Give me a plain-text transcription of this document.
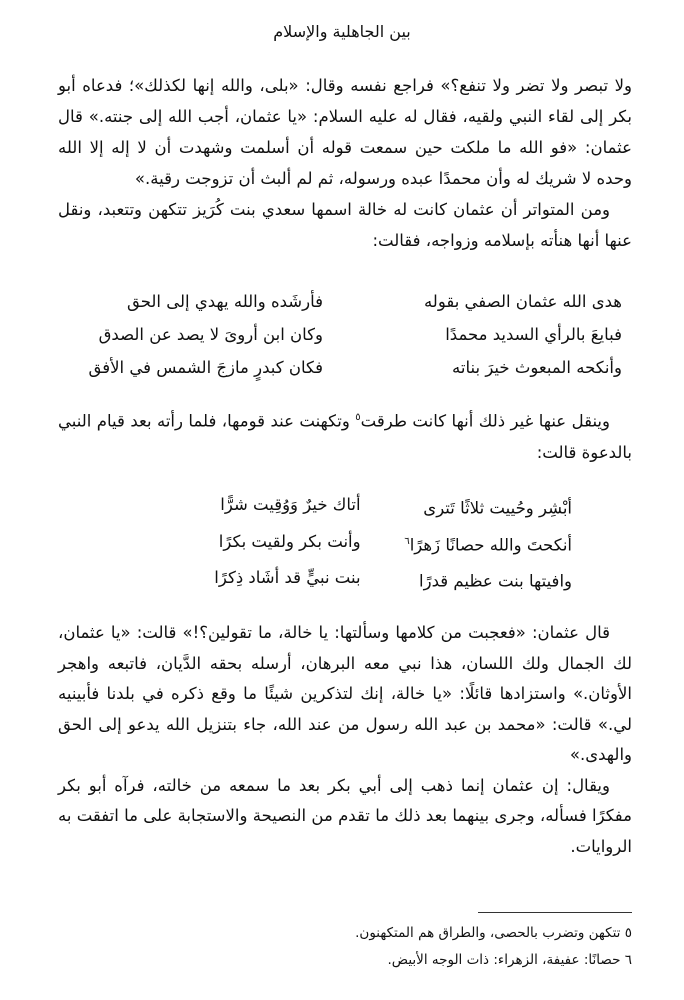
بين الجاهلية والإسلام

ولا تبصر ولا تضر ولا تنفع؟» فراجع نفسه وقال: «بلى، والله إنها لكذلك»؛ فدعاه أبو بكر إلى لقاء النبي ولقيه، فقال له عليه السلام: «يا عثمان، أجب الله إلى جنته.» قال عثمان: «فو الله ما ملكت حين سمعت قوله أن أسلمت وشهدت أن لا إله إلا الله وحده لا شريك له وأن محمدًا عبده ورسوله، ثم لم ألبث أن تزوجت رقية.»

ومن المتواتر أن عثمان كانت له خالة اسمها سعدي بنت كُرَيز تتكهن وتتعبد، ونقل عنها أنها هنأته بإسلامه وزواجه، فقالت:

هدى الله عثمان الصفي بقوله
فأرشَده والله يهدي إلى الحق
فبايعَ بالرأي السديد محمدًا
وكان ابن أروىَ لا يصد عن الصدق
وأنكحه المبعوث خيرَ بناته
فكان كبدرٍ مازجَ الشمس في الأفق
وينقل عنها غير ذلك أنها كانت طرقت$^٥$ وتكهنت عند قومها، فلما رأته بعد قيام النبي بالدعوة قالت:
أبْشِر وحُييت ثلاثًا تَترى
أتاك خيرٌ وَوُقِيت شرًّا
أنكحتَ والله حصانًا زَهرًا$^٦$
وأنت بكر ولقيت بكرًا
وافيتها بنت عظيم قدرًا
بنت نبيٍّ قد أشَاد ذِكرًا

قال عثمان: «فعجبت من كلامها وسألتها: يا خالة، ما تقولين؟!» قالت: «يا عثمان، لك الجمال ولك اللسان، هذا نبي معه البرهان، أرسله بحقه الدَّيان، فاتبعه واهجر الأوثان.» واستزادها قائلًا: «يا خالة، إنك لتذكرين شيئًا ما وقع ذكره في بلدنا فأبينيه لي.» قالت: «محمد بن عبد الله رسول من عند الله، جاء بتنزيل الله يدعو إلى الحق والهدى.»

ويقال: إن عثمان إنما ذهب إلى أبي بكر بعد ما سمعه من خالته، فرآه أبو بكر مفكرًا فسأله، وجرى بينهما بعد ذلك ما تقدم من النصيحة والاستجابة على ما اتفقت به الروايات.

٥ تتكهن وتضرب بالحصى، والطراق هم المتكهنون.
٦ حصانًا: عفيفة، الزهراء: ذات الوجه الأبيض.
